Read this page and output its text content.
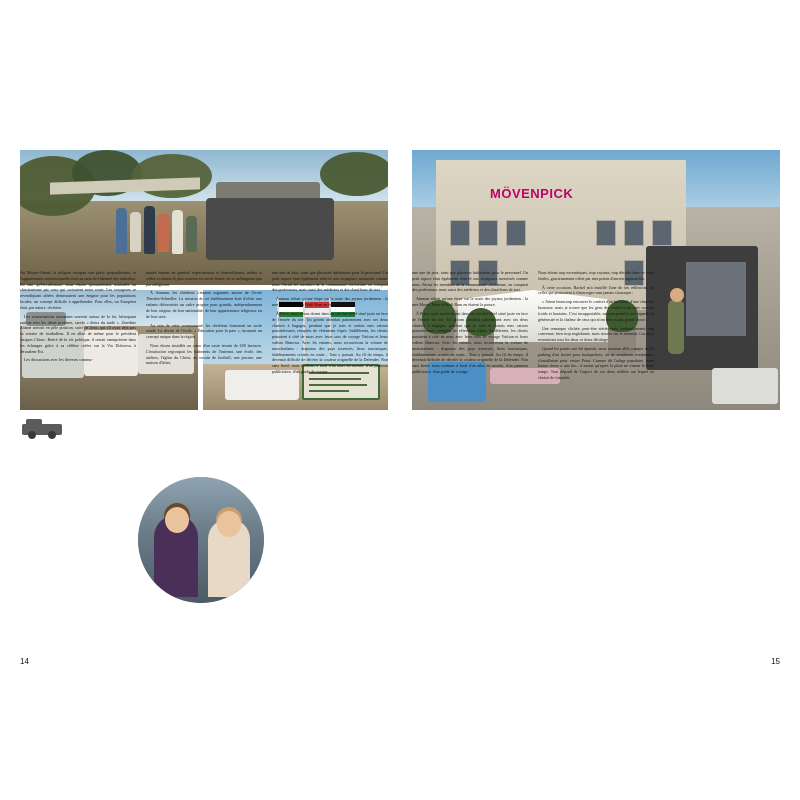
14

Au Moyen-Orient, la religion occupait une place prépondérante, et l'appartenance confessionnelle était au cœur de l'identité des individus. En tant qu'Occidentaux, nous étions spontanément assimilés au christianisme par ceux qui croisaient notre route. Les voyageurs se revendiquant athées demeuraient une énigme pour les populations locales, un concept difficile à appréhender. Pour elles, un Européen était, par nature, chrétien.

Les conversations tournaient souvent autour de la foi, bifurquant parfois vers les dieux profanes, sacrés « dieux du stade ». Zinedine Zidane arrivait en pôle position, suivi de Zeus, qui s'il avait déjà pris sa retraite de footballeur. Il en allait de même pour le président Jacques Chirac: Retiré de la vie politique, il restait omniprésent dans les échanges grâce à sa célèbre colère sur la Via Dolorosa, à Jérusalem-Est.

Les discussions avec les diverses commu-

nautés étaient en général respectueuses et bienveillantes, même si celles-ci étaient le plus souvent en cercle fermé, ne se mélangeant que par obligation.

À Amman, les chrétiens s'étaient organisés autour de l'école Theodor-Schneller. La mission de cet établissement était d'offrir aux enfants défavorisés un cadre propice pour grandir, indépendamment de leur origine, de leur nationalité, de leur appartenance religieuse ou de leur sexe.

Au sein de cette communauté, les chrétiens formaient un socle soudé. La devise de l'école, « Éducation pour la paix », incarnait un concept unique dans la région.

Nous étions installés au cœur d'un vaste terrain de 650 hectares. L'institution regroupait les bâtiments de l'internat, une école, des ateliers, l'église du Christ, un terrain de football, une piscine, une maison d'hôtes,

une aire de jeux, ainsi que plusieurs habitations pour le personnel. Un petit espace était également réservé aux voyageurs motorisés comme nous. Parmi les membres de la communauté chrétienne, on comptait des professeurs, mais aussi des médecins et des chauffeurs de taxi.

Amman n'était qu'une étape sur la route des joyaux jordaniens : la mer Morte, Petra et Wadi Rum en étaient la parure.

À Petra, nous avons dormi dans un très bel hôtel situé juste en face de l'entrée du site. Un groom attendait patiemment avec ses deux chariots à bagages, pendant que je trais et sortais mes caisses poussiéreuses, remplies de vêtements fripés. Indifférents, les clients passaient à côté de nous avec leurs sacs de voyage Vuitton et leurs valises Rimowa. Avec les enfants, nous recouvrions la voiture de moucharlants : drapeaux des pays traversés, lieux touristiques, établissements croisés en route... Tout y passait. Au fil du temps, il devenait difficile de déceler la couleur originelle de la Defender. Non sans fierté, nous roulions à bord d'un atlas du monde, d'un panneau publicitaire, d'un guide de voyage.

MÖVENPICK
15

une aire de jeux, ainsi que plusieurs habitations pour le personnel. Un petit espace était également réservé aux voyageurs motorisés comme nous. Parmi les membres de la communauté chrétienne, on comptait des professeurs, mais aussi des médecins et des chauffeurs de taxi.

Amman n'était qu'une étape sur la route des joyaux jordaniens : la mer Morte, Petra et Wadi Rum en étaient la parure.

À Petra, nous avons dormi dans un très bel hôtel situé juste en face de l'entrée du site. Un groom attendait patiemment avec ses deux chariots à bagages, pendant que je trais et sortais mes caisses poussiéreuses, remplies de vêtements fripés. Indifférents, les clients passaient à côté de nous avec leurs sacs de voyage Vuitton et leurs valises Rimowa. Avec les enfants, nous recouvrions la voiture de moucharlants : drapeaux des pays traversés, lieux touristiques, établissements croisés en route... Tout y passait. Au fil du temps, il devenait difficile de déceler la couleur originelle de la Defender. Non sans fierté, nous roulions à bord d'un atlas du monde, d'un panneau publicitaire, d'un guide de voyage.

Nous étions trop excentriques, trop voyants, trop décalés dans ce cinq-étoiles, gracieusement offert par mes points d'ancien apparatchik.

À cette occasion, Rachel m'a insufflé l'une de ses réflexions, de celles qui poussaient à s'interroger sans jamais s'assoupir :

« J'aime beaucoup retrouver le confort d'un bel hôtel, d'une chambre luxueuse, mais je trouve que les gens des rendez-vous sont souvent froids et hautains. C'est insupportable, surtout quand je me rappelle la générosité et la chaleur de ceux qui n'ont rien ou pas grand-chose. »

Une remarque clichée, peut-être stéréotypée, indéniablement trop convenue, bien trop englobante, mais sincère sur le moment. Car nous ressentions tous les deux ce doux décalage.

Quand les points ont été épuisés, nous sommes allés camper sur le parking d'un hostel pour backpackers, où de nombreux overlanders s'installaient pour visiter Petra. Comme dit l'adage populaire, toute bonne chose a une fin... à moins qu'après la pluie ne vienne le beau temps. Tout dépend de l'aspect de ces deux réalités sur lequel on choisit de s'attarder.
